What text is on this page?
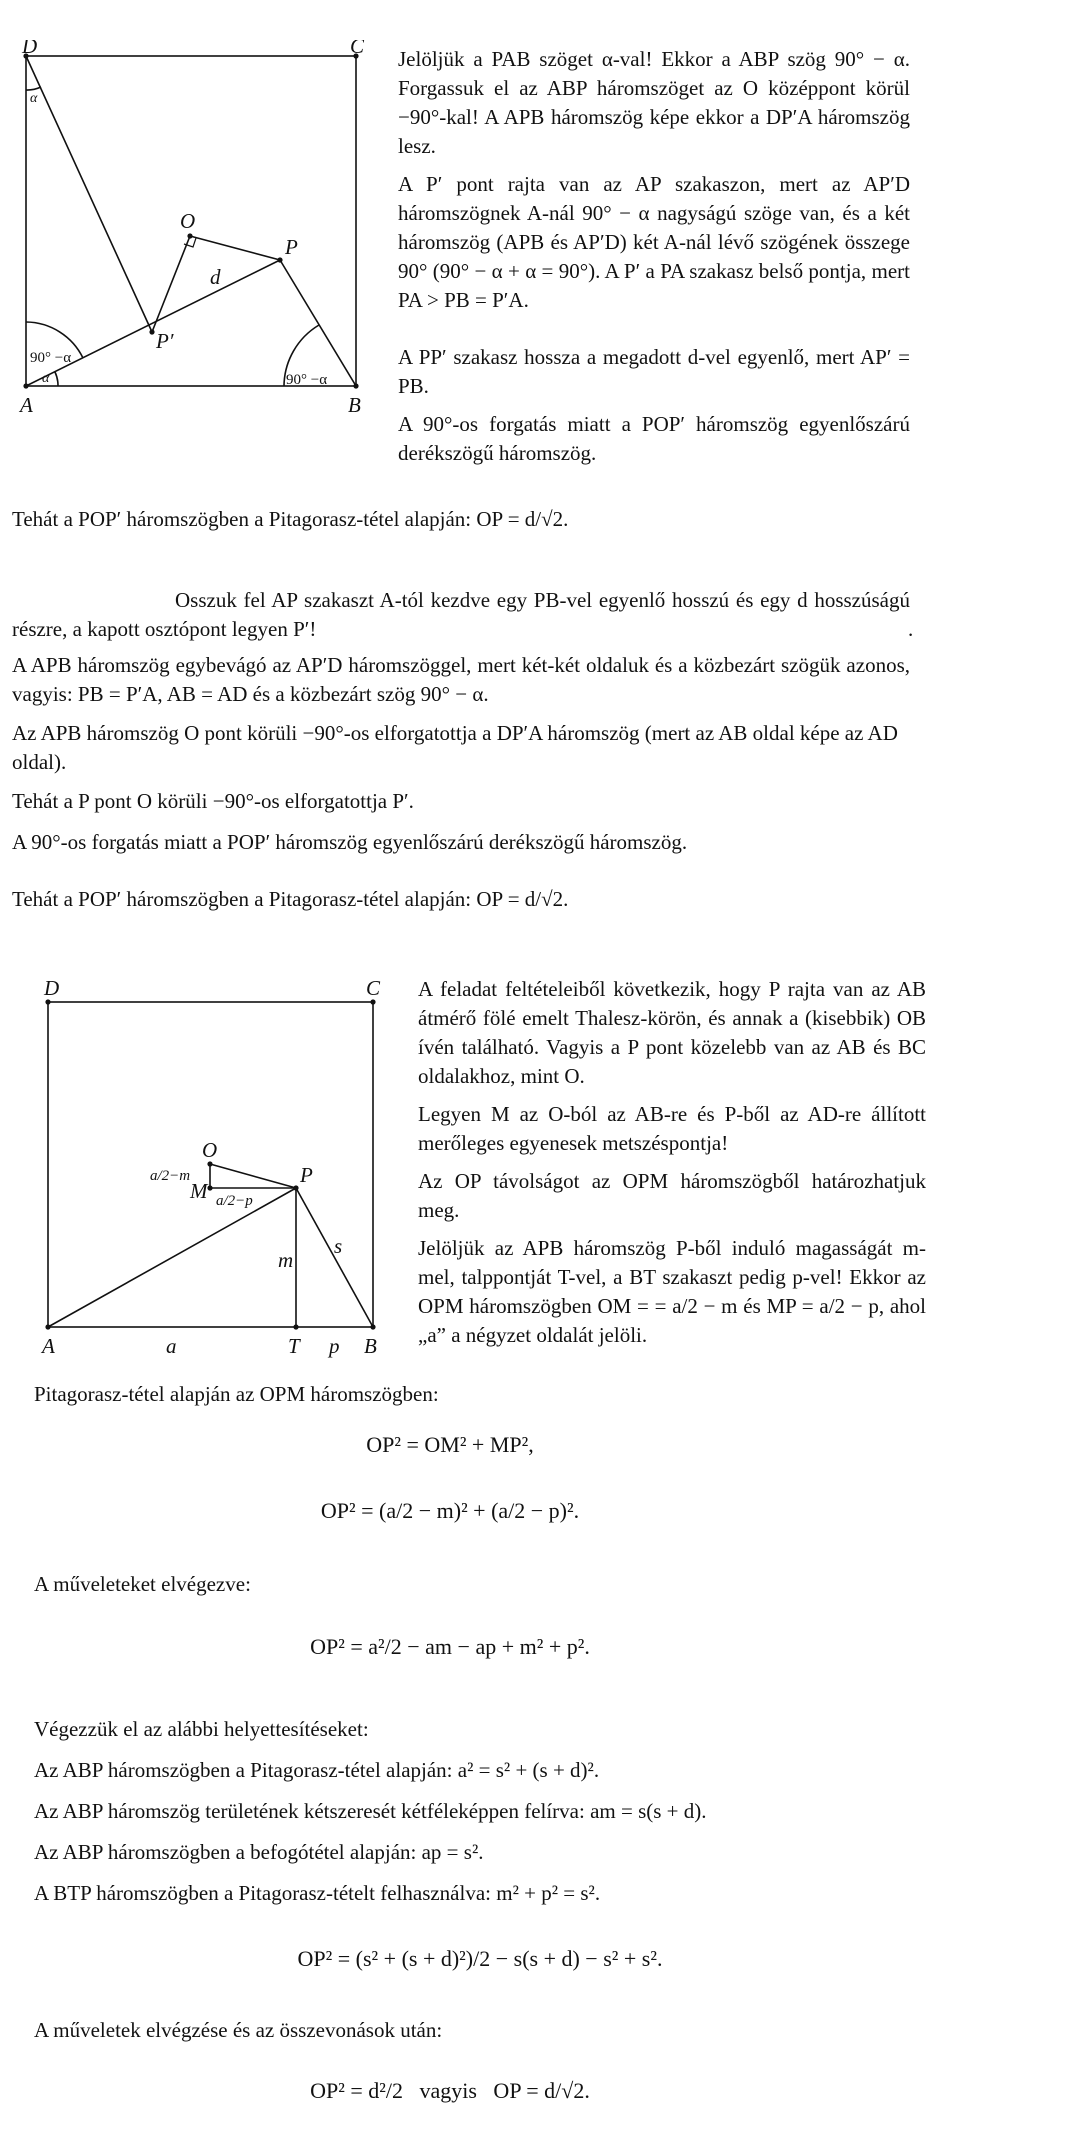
D	C
A	B
O
P
P′
d
α
α
90° −α
90° −α

Jelöljük a PAB szöget α-val! Ekkor a ABP szög 90° − α. Forgassuk el az ABP háromszöget az O középpont körül −90°-kal! A APB háromszög képe ekkor a DP′A háromszög lesz.

A P′ pont rajta van az AP szakaszon, mert az AP′D háromszögnek A-nál 90° − α nagyságú szöge van, és a két háromszög (APB és AP′D) két A-nál lévő szögének összege 90° (90° − α + α = 90°). A P′ a PA szakasz belső pontja, mert PA > PB = P′A.

A PP′ szakasz hossza a megadott d-vel egyenlő, mert AP′ = PB.

A 90°-os forgatás miatt a POP′ háromszög egyenlőszárú derékszögű háromszög.

Tehát a POP′ háromszögben a Pitagorasz-tétel alapján: OP = d/√2.
Osszuk fel AP szakaszt A-tól kezdve egy PB-vel egyenlő hosszú és egy d hosszúságú részre, a kapott osztópont legyen P′!	.
A APB háromszög egybevágó az AP′D háromszöggel, mert két-két oldaluk és a közbezárt szögük azonos, vagyis: PB = P′A, AB = AD és a közbezárt szög 90° − α.
Az APB háromszög O pont körüli −90°-os elforgatottja a DP′A háromszög (mert az AB oldal képe az AD oldal).
Tehát a P pont O körüli −90°-os elforgatottja P′.
A 90°-os forgatás miatt a POP′ háromszög egyenlőszárú derékszögű háromszög.
Tehát a POP′ háromszögben a Pitagorasz-tétel alapján: OP = d/√2.
D	C
A	B
O
P
M
T
a	p
m
s
a/2−m
a/2−p

A feladat feltételeiből következik, hogy P rajta van az AB átmérő fölé emelt Thalesz-körön, és annak a (kisebbik) OB ívén található. Vagyis a P pont közelebb van az AB és BC oldalakhoz, mint O.

Legyen M az O-ból az AB-re és P-ből az AD-re állított merőleges egyenesek metszéspontja!

Az OP távolságot az OPM háromszögből határozhatjuk meg.

Jelöljük az APB háromszög P-ből induló magasságát m-mel, talppontját T-vel, a BT szakaszt pedig p-vel! Ekkor az OPM háromszögben OM = = a/2 − m és MP = a/2 − p, ahol „a” a négyzet oldalát jelöli.

Pitagorasz-tétel alapján az OPM háromszögben:
OP² = OM² + MP²,
OP² = (a/2 − m)² + (a/2 − p)².
A műveleteket elvégezve:
OP² = a²/2 − am − ap + m² + p².
Végezzük el az alábbi helyettesítéseket:
Az ABP háromszögben a Pitagorasz-tétel alapján: a² = s² + (s + d)².
Az ABP háromszög területének kétszeresét kétféleképpen felírva: am = s(s + d).
Az ABP háromszögben a befogótétel alapján: ap = s².
A BTP háromszögben a Pitagorasz-tételt felhasználva: m² + p² = s².
OP² = (s² + (s + d)²)/2 − s(s + d) − s² + s².
A műveletek elvégzése és az összevonások után:
OP² = d²/2   vagyis   OP = d/√2.
